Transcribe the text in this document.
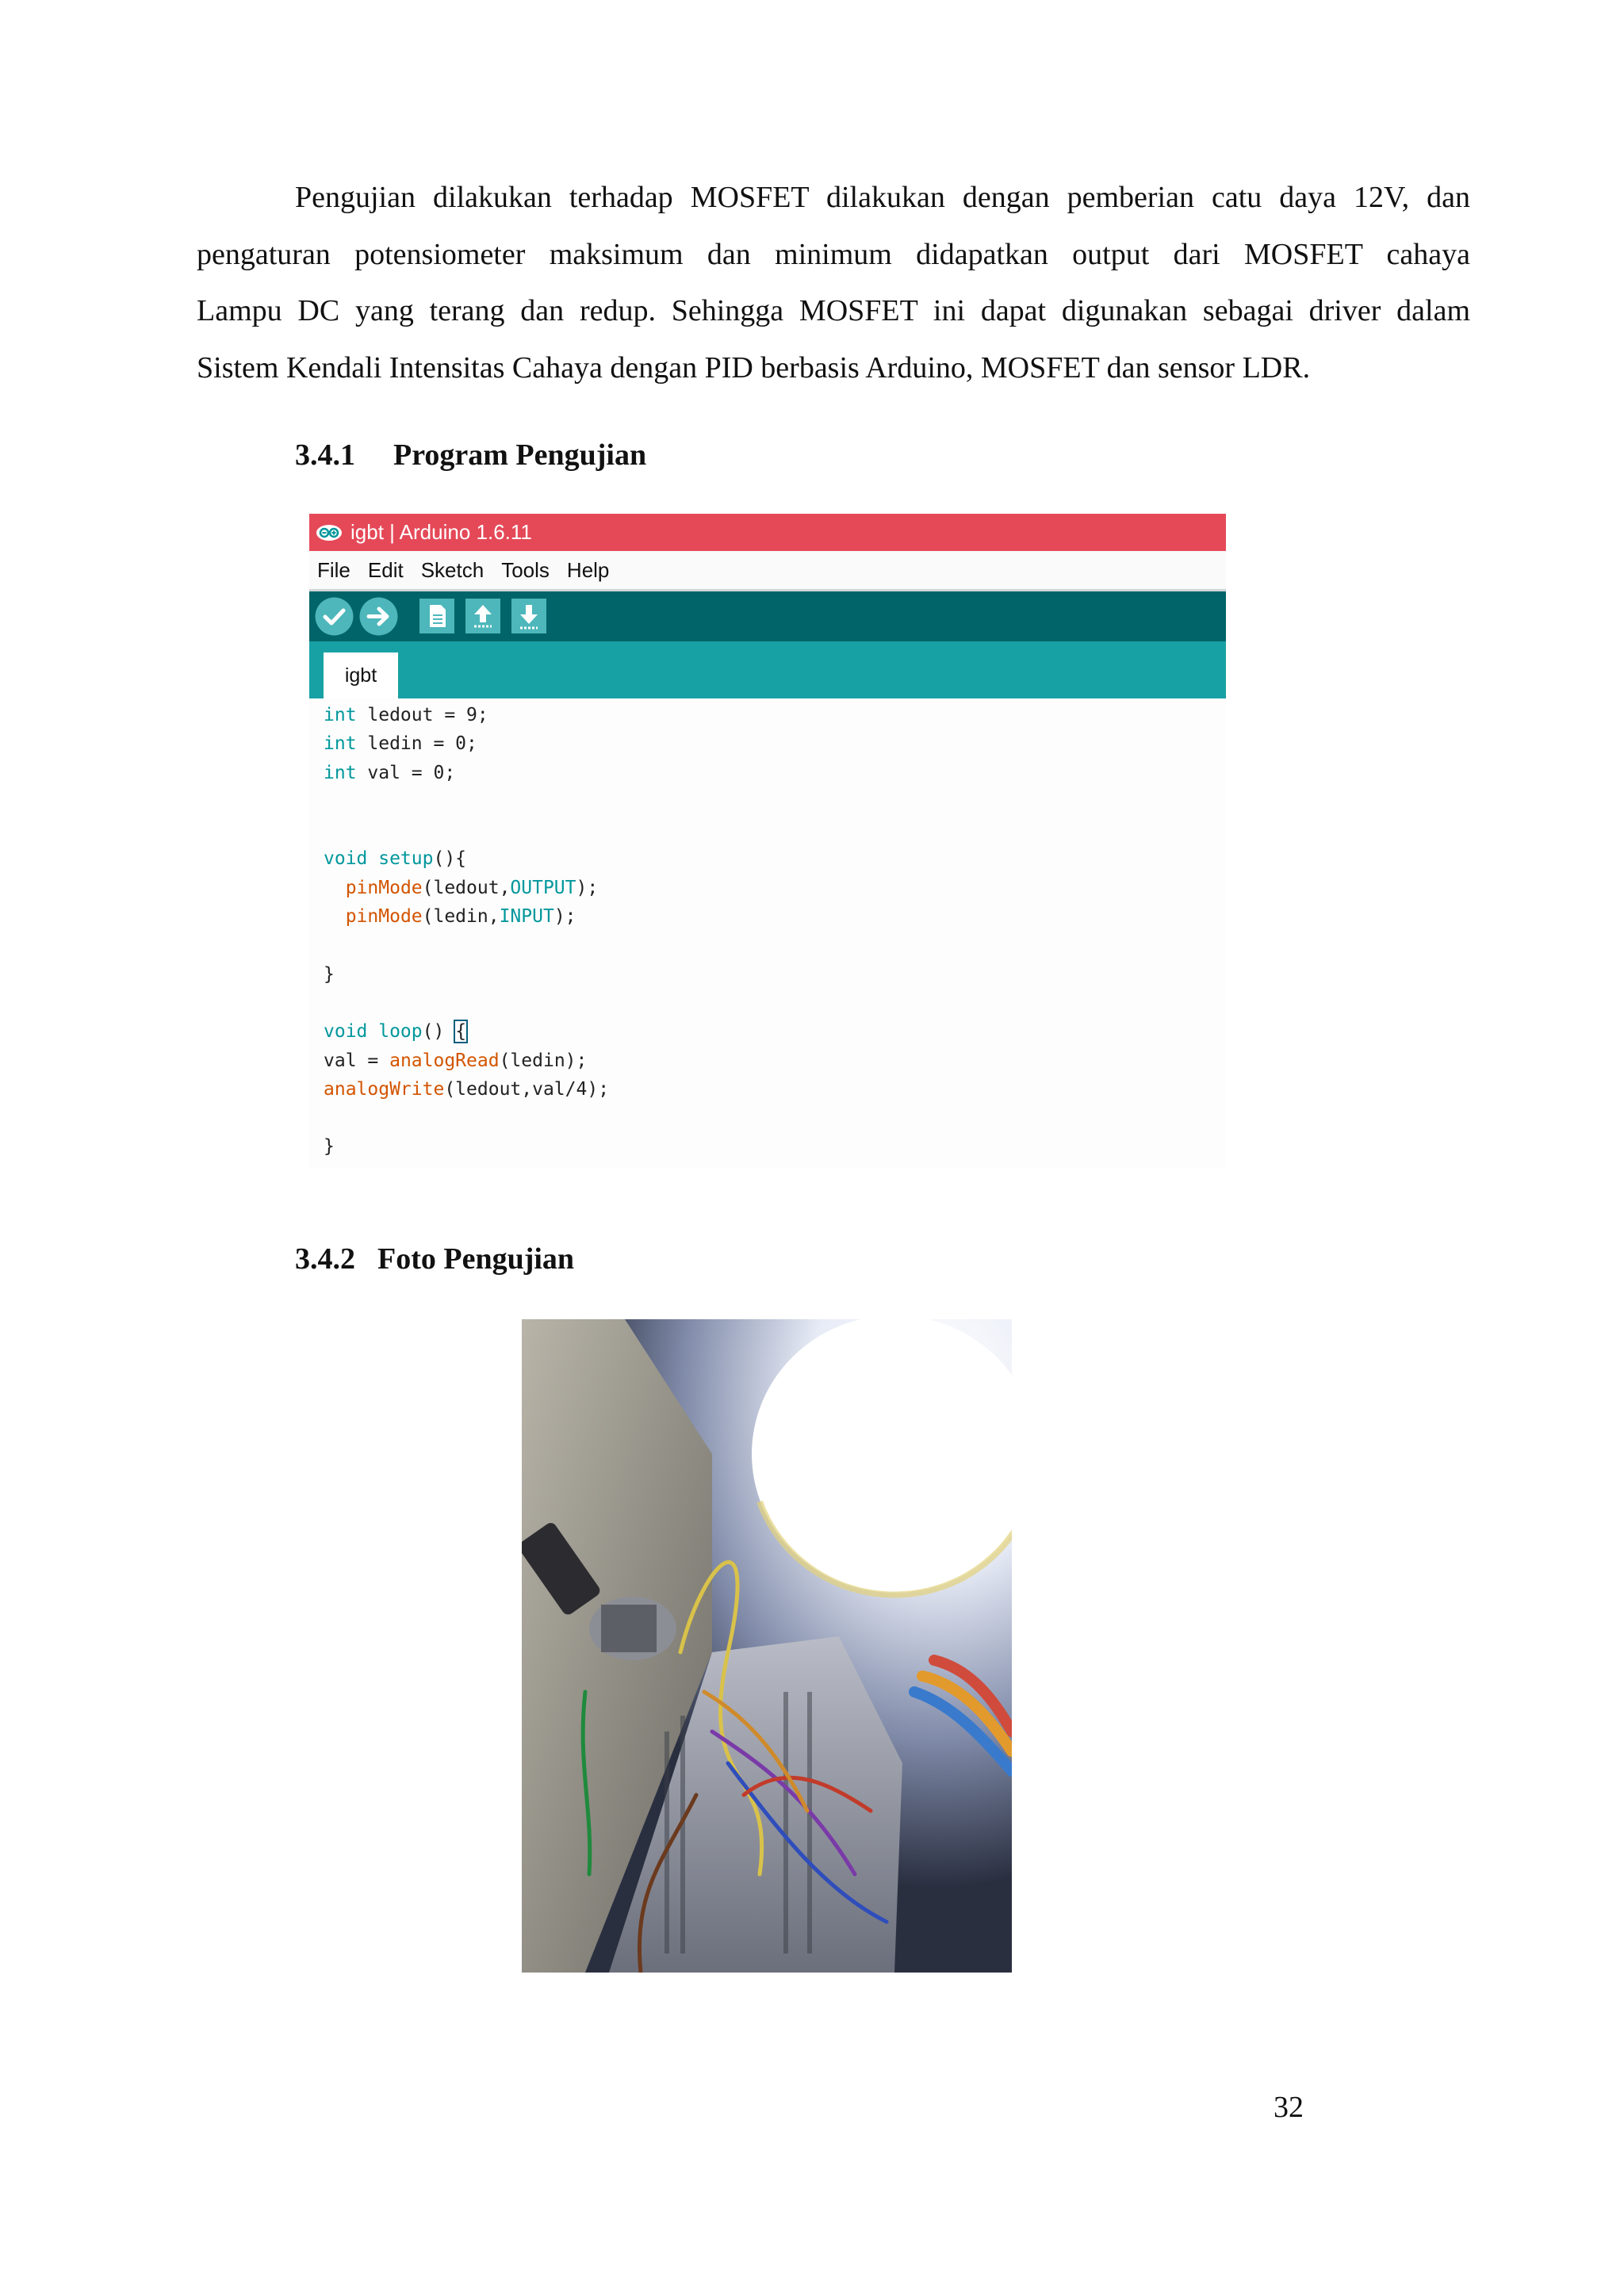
Pengujian dilakukan terhadap MOSFET dilakukan dengan pemberian catu daya 12V, dan
pengaturan potensiometer maksimum dan minimum didapatkan output dari MOSFET cahaya
Lampu DC yang terang dan redup. Sehingga MOSFET ini dapat digunakan sebagai driver dalam
Sistem Kendali Intensitas Cahaya dengan PID berbasis Arduino, MOSFET dan sensor LDR.

3.4.1 Program Pengujian
igbt | Arduino 1.6.11
File Edit Sketch Tools Help
igbt
int ledout = 9;
int ledin = 0;
int val = 0;
void setup(){
pinMode(ledout,OUTPUT);
pinMode(ledin,INPUT);
}
void loop() {
val = analogRead(ledin);
analogWrite(ledout,val/4);
}
3.4.2 Foto Pengujian
32
